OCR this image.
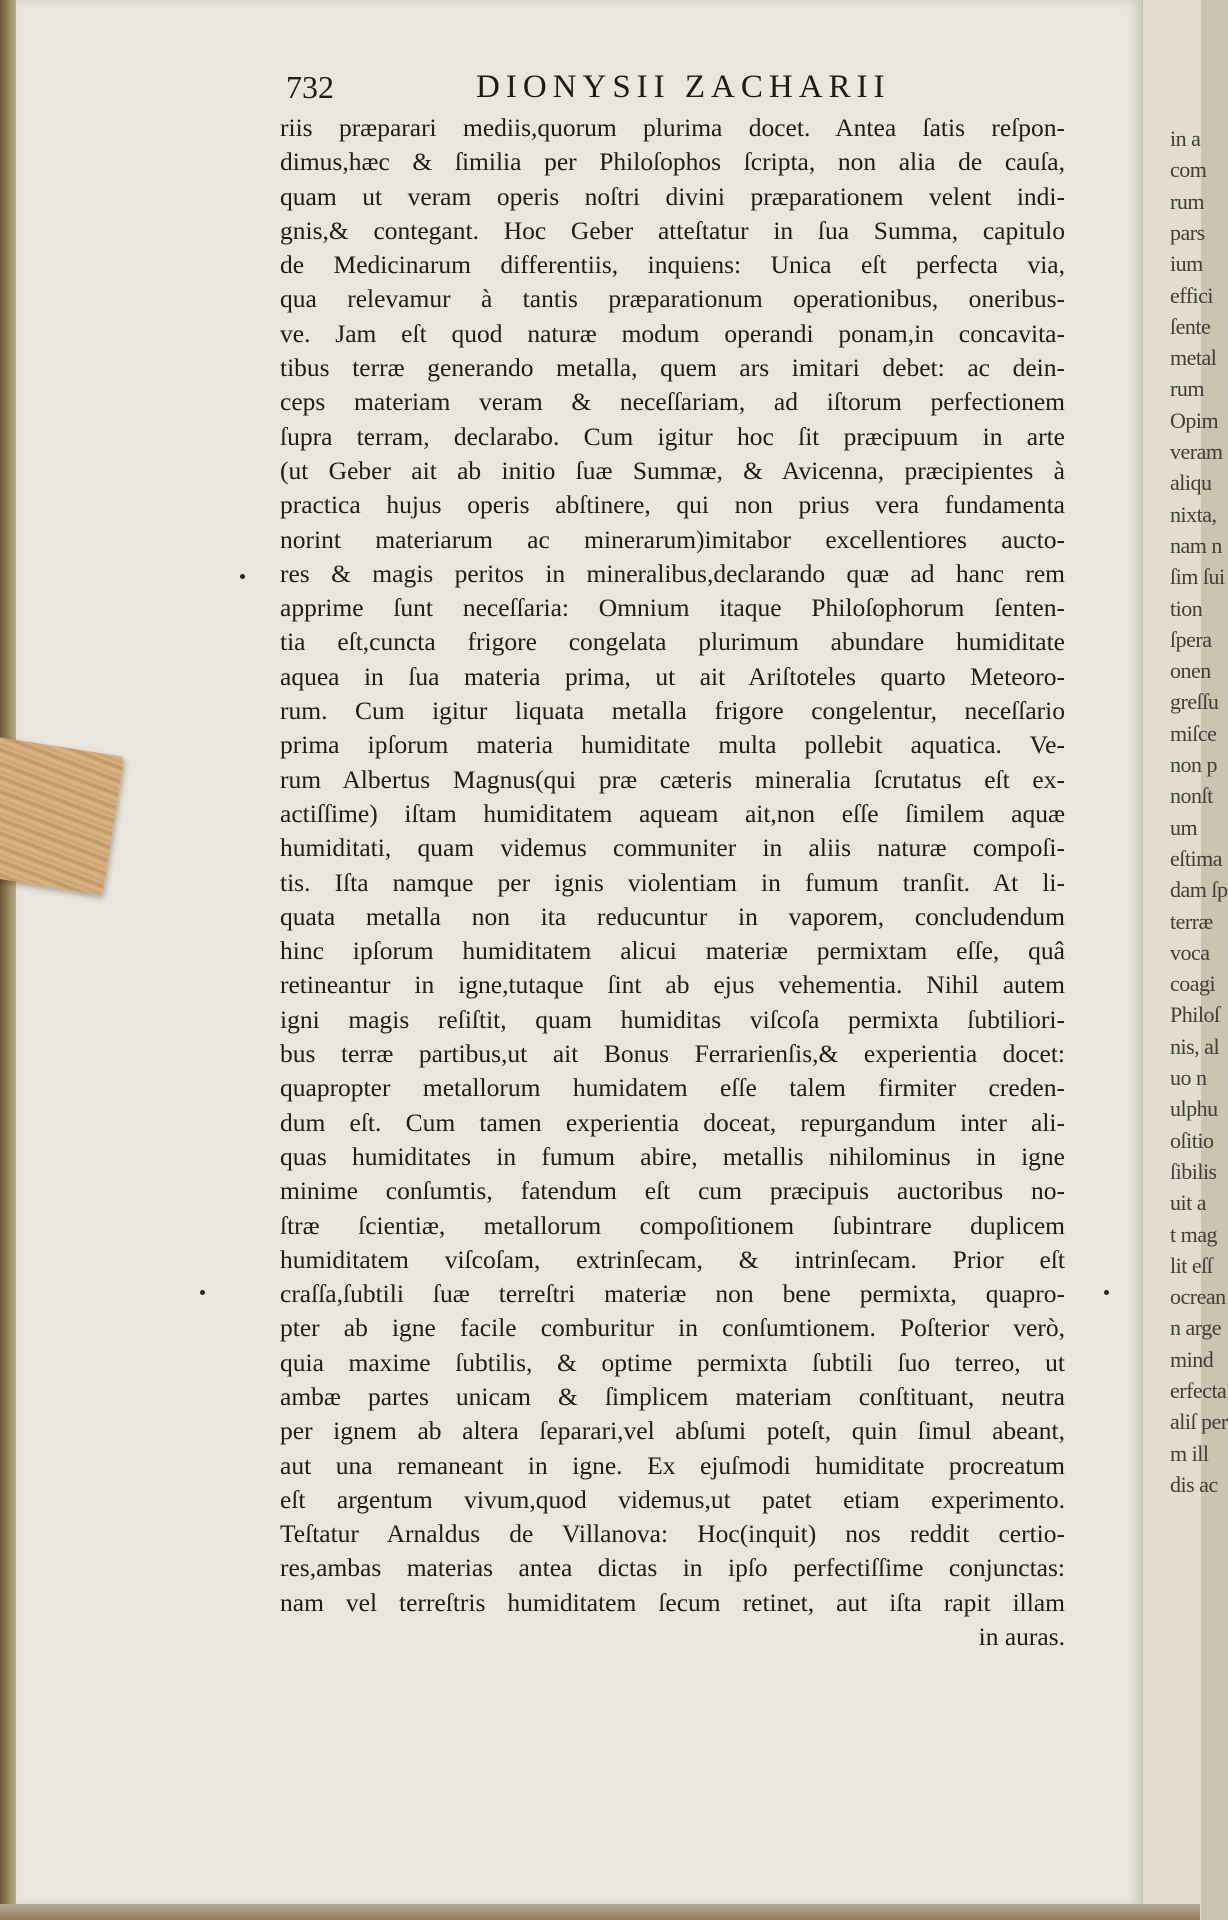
in a
com
rum
pars
ium
effici
ſente
metal
rum
Opim
veram
aliqu
nixta,
nam n
ſim ſui
tion
ſpera
onen
greſſu
miſce
non p
nonſt
um
eſtima
dam ſp
terræ
voca
coagi
Philoſ
nis, al
uo n
ulphu
oſitio
ſibilis
uit a
t mag
lit eſſ
ocrean
n arge
mind
erfecta
aliſ per
m ill
dis ac
732	DIONYSII ZACHARII
riis præparari mediis,quorum plurima docet. Antea ſatis reſpon-
dimus,hæc & ſimilia per Philoſophos ſcripta, non alia de cauſa,
quam ut veram operis noſtri divini præparationem velent indi-
gnis,& contegant. Hoc Geber atteſtatur in ſua Summa, capitulo
de Medicinarum differentiis, inquiens: Unica eſt perfecta via,
qua relevamur à tantis præparationum operationibus, oneribus-
ve. Jam eſt quod naturæ modum operandi ponam,in concavita-
tibus terræ generando metalla, quem ars imitari debet: ac dein-
ceps materiam veram & neceſſariam, ad iſtorum perfectionem
ſupra terram, declarabo. Cum igitur hoc ſit præcipuum in arte
(ut Geber ait ab initio ſuæ Summæ, & Avicenna, præcipientes à
practica hujus operis abſtinere, qui non prius vera fundamenta
norint materiarum ac minerarum)imitabor excellentiores aucto-
res & magis peritos in mineralibus,declarando quæ ad hanc rem
apprime ſunt neceſſaria: Omnium itaque Philoſophorum ſenten-
tia eſt,cuncta frigore congelata plurimum abundare humiditate
aquea in ſua materia prima, ut ait Ariſtoteles quarto Meteoro-
rum. Cum igitur liquata metalla frigore congelentur, neceſſario
prima ipſorum materia humiditate multa pollebit aquatica. Ve-
rum Albertus Magnus(qui præ cæteris mineralia ſcrutatus eſt ex-
actiſſime) iſtam humiditatem aqueam ait,non eſſe ſimilem aquæ
humiditati, quam videmus communiter in aliis naturæ compoſi-
tis. Iſta namque per ignis violentiam in fumum tranſit. At li-
quata metalla non ita reducuntur in vaporem, concludendum
hinc ipſorum humiditatem alicui materiæ permixtam eſſe, quâ
retineantur in igne,tutaque ſint ab ejus vehementia. Nihil autem
igni magis reſiſtit, quam humiditas viſcoſa permixta ſubtiliori-
bus terræ partibus,ut ait Bonus Ferrarienſis,& experientia docet:
quapropter metallorum humidatem eſſe talem firmiter creden-
dum eſt. Cum tamen experientia doceat, repurgandum inter ali-
quas humiditates in fumum abire, metallis nihilominus in igne
minime conſumtis, fatendum eſt cum præcipuis auctoribus no-
ſtræ ſcientiæ, metallorum compoſitionem ſubintrare duplicem
humiditatem viſcoſam, extrinſecam, & intrinſecam. Prior eſt
craſſa,ſubtili ſuæ terreſtri materiæ non bene permixta, quapro-
pter ab igne facile comburitur in conſumtionem. Poſterior verò,
quia maxime ſubtilis, & optime permixta ſubtili ſuo terreo, ut
ambæ partes unicam & ſimplicem materiam conſtituant, neutra
per ignem ab altera ſeparari,vel abſumi poteſt, quin ſimul abeant,
aut una remaneant in igne. Ex ejuſmodi humiditate procreatum
eſt argentum vivum,quod videmus,ut patet etiam experimento.
Teſtatur Arnaldus de Villanova: Hoc(inquit) nos reddit certio-
res,ambas materias antea dictas in ipſo perfectiſſime conjunctas:
nam vel terreſtris humiditatem ſecum retinet, aut iſta rapit illam
in auras.
